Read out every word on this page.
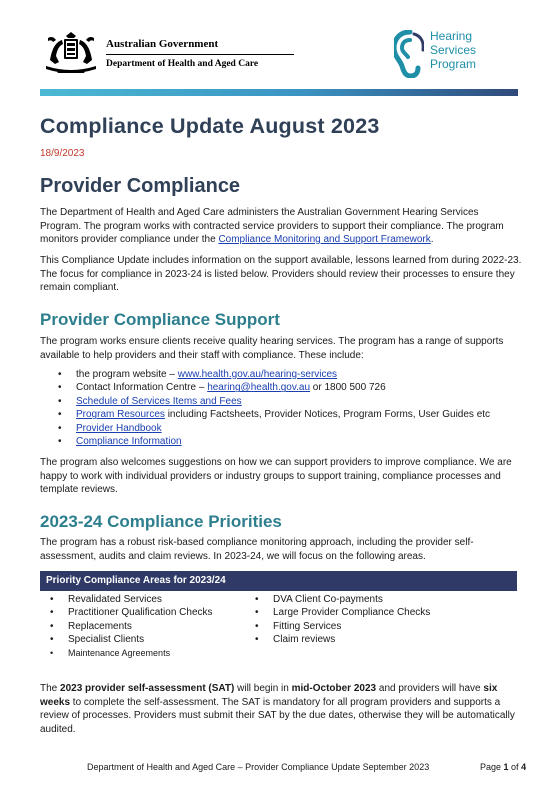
Australian Government
Department of Health and Aged Care
Hearing
Services
Program
Compliance Update August 2023
18/9/2023
Provider Compliance

The Department of Health and Aged Care administers the Australian Government Hearing Services Program. The program works with contracted service providers to support their compliance. The program monitors provider compliance under the Compliance Monitoring and Support Framework.

This Compliance Update includes information on the support available, lessons learned from during 2022-23. The focus for compliance in 2023-24 is listed below. Providers should review their processes to ensure they remain compliant.

Provider Compliance Support

The program works ensure clients receive quality hearing services. The program has a range of supports available to help providers and their staff with compliance. These include:

• the program website – www.health.gov.au/hearing-services
• Contact Information Centre – hearing@health.gov.au or 1800 500 726
• Schedule of Services Items and Fees
• Program Resources including Factsheets, Provider Notices, Program Forms, User Guides etc
• Provider Handbook
• Compliance Information

The program also welcomes suggestions on how we can support providers to improve compliance. We are happy to work with individual providers or industry groups to support training, compliance processes and template reviews.

2023-24 Compliance Priorities

The program has a robust risk-based compliance monitoring approach, including the provider self-assessment, audits and claim reviews. In 2023-24, we will focus on the following areas.

Priority Compliance Areas for 2023/24
• Revalidated Services
• Practitioner Qualification Checks
• Replacements
• Specialist Clients
• Maintenance Agreements
• DVA Client Co-payments
• Large Provider Compliance Checks
• Fitting Services
• Claim reviews

The 2023 provider self-assessment (SAT) will begin in mid-October 2023 and providers will have six weeks to complete the self-assessment. The SAT is mandatory for all program providers and supports a review of processes. Providers must submit their SAT by the due dates, otherwise they will be automatically audited.

Department of Health and Aged Care – Provider Compliance Update September 2023	Page 1 of 4
